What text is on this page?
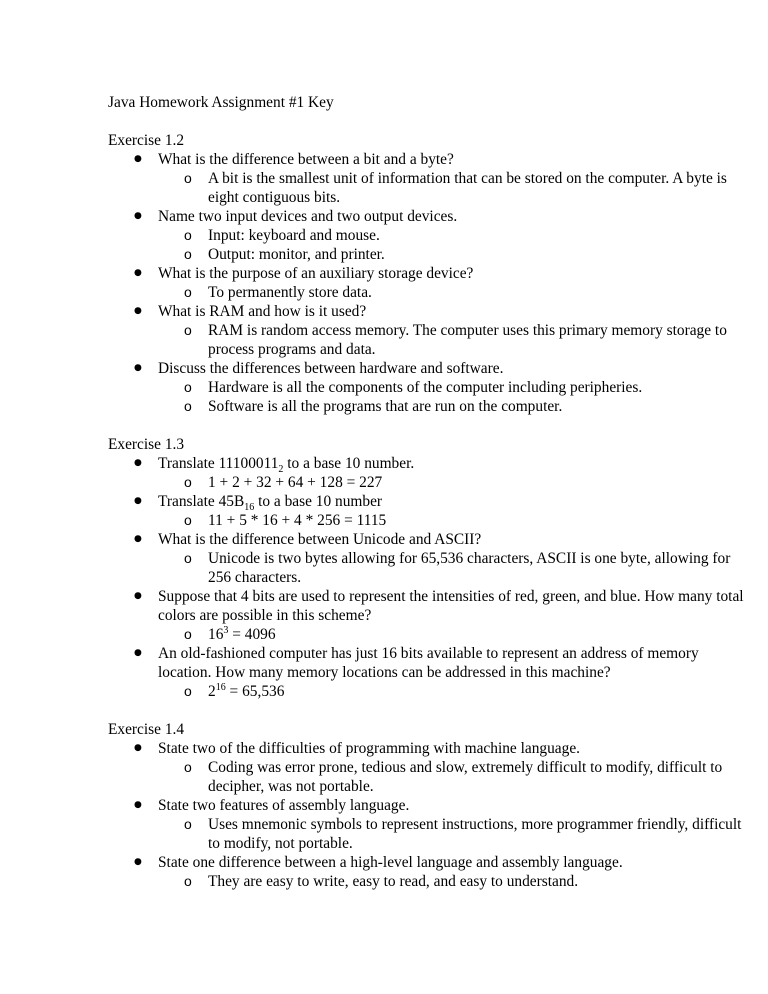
Java Homework Assignment #1 Key

Exercise 1.2

● What is the difference between a bit and a byte?
o A bit is the smallest unit of information that can be stored on the computer. A byte is eight contiguous bits.
● Name two input devices and two output devices.
o Input: keyboard and mouse.
o Output: monitor, and printer.
● What is the purpose of an auxiliary storage device?
o To permanently store data.
● What is RAM and how is it used?
o RAM is random access memory. The computer uses this primary memory storage to process programs and data.
● Discuss the differences between hardware and software.
o Hardware is all the components of the computer including peripheries.
o Software is all the programs that are run on the computer.

Exercise 1.3

● Translate $11100011_2$ to a base 10 number.
o 1 + 2 + 32 + 64 + 128 = 227
● Translate $45B_{16}$ to a base 10 number
o 11 + 5 * 16 + 4 * 256 = 1115
● What is the difference between Unicode and ASCII?
o Unicode is two bytes allowing for 65,536 characters, ASCII is one byte, allowing for 256 characters.
● Suppose that 4 bits are used to represent the intensities of red, green, and blue. How many total colors are possible in this scheme?
o $16^3 = 4096$
● An old-fashioned computer has just 16 bits available to represent an address of memory location. How many memory locations can be addressed in this machine?
o $2^{16} = 65,536$

Exercise 1.4

● State two of the difficulties of programming with machine language.
o Coding was error prone, tedious and slow, extremely difficult to modify, difficult to decipher, was not portable.
● State two features of assembly language.
o Uses mnemonic symbols to represent instructions, more programmer friendly, difficult to modify, not portable.
● State one difference between a high-level language and assembly language.
o They are easy to write, easy to read, and easy to understand.
